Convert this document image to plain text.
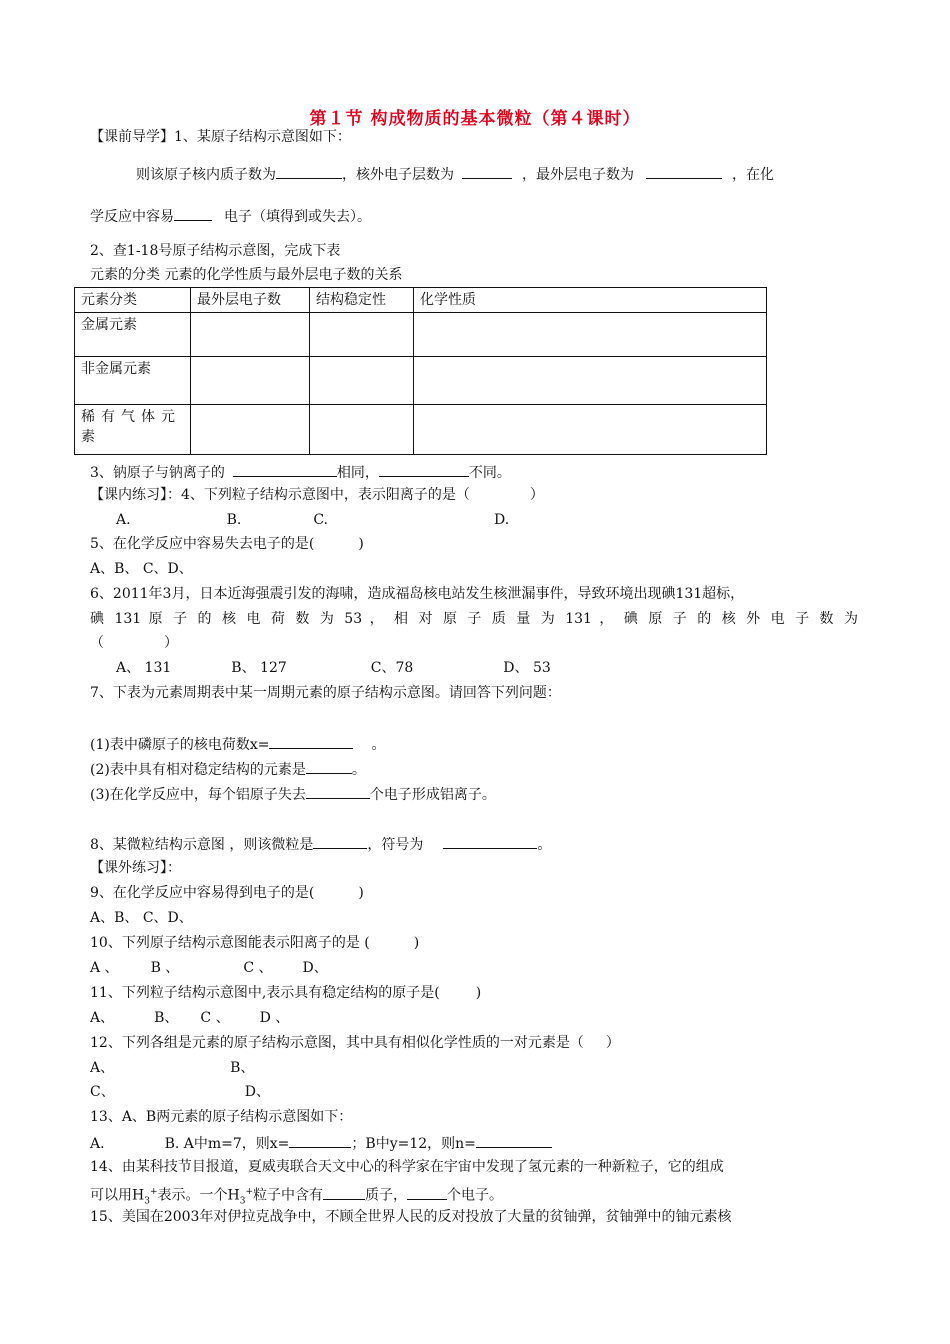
第１节 构成物质的基本微粒（第４课时）
【课前导学】1、某原子结构示意图如下：
则该原子核内质子数为	，核外电子层数为	，最外层电子数为	，在化
学反应中容易	电子（填得到或失去）。
2、查1-18号原子结构示意图，完成下表
元素的分类 元素的化学性质与最外层电子数的关系
元素分类	最外层电子数	结构稳定性	化学性质
金属元素			
非金属元素			
稀有气体元素			
3、钠原子与钠离子的	相同，	不同。
【课内练习】：4、下列粒子结构示意图中，表示阳离子的是（	）
A.	B.	C.	D.
5、在化学反应中容易失去电子的是(	)
A、B、 C、D、
6、2011年3月，日本近海强震引发的海啸，造成福岛核电站发生核泄漏事件，导致环境出现碘131超标，
碘 131 原 子 的 核 电 荷 数 为 53 ， 相 对 原 子 质 量 为 131 ， 碘 原 子 的 核 外 电 子 数 为
（	）
A、 131	B、 127	C、78	D、 53
7、下表为元素周期表中某一周期元素的原子结构示意图。请回答下列问题：
(1)表中磷原子的核电荷数x=	。
(2)表中具有相对稳定结构的元素是	。
(3)在化学反应中，每个铝原子失去	个电子形成铝离子。
8、某微粒结构示意图 ，则该微粒是	，符号为	。
【课外练习】：
9、在化学反应中容易得到电子的是(	)
A、B、 C、D、
10、下列原子结构示意图能表示阳离子的是 (	)
A 、 B 、	C 、 D、
11、下列粒子结构示意图中,表示具有稳定结构的原子是(	)
A、	B、 C 、 D 、
12、下列各组是元素的原子结构示意图，其中具有相似化学性质的一对元素是（ ）
A、	B、
C、	D、
13、A、B两元素的原子结构示意图如下：
A.	B. A中m=7，则x=	；B中y=12，则n=
14、由某科技节目报道，夏威夷联合天文中心的科学家在宇宙中发现了氢元素的一种新粒子，它的组成
可以用$H_3^+$表示。一个$H_3^+$粒子中含有	质子，	个电子。
15、美国在2003年对伊拉克战争中，不顾全世界人民的反对投放了大量的贫铀弹，贫铀弹中的铀元素核
